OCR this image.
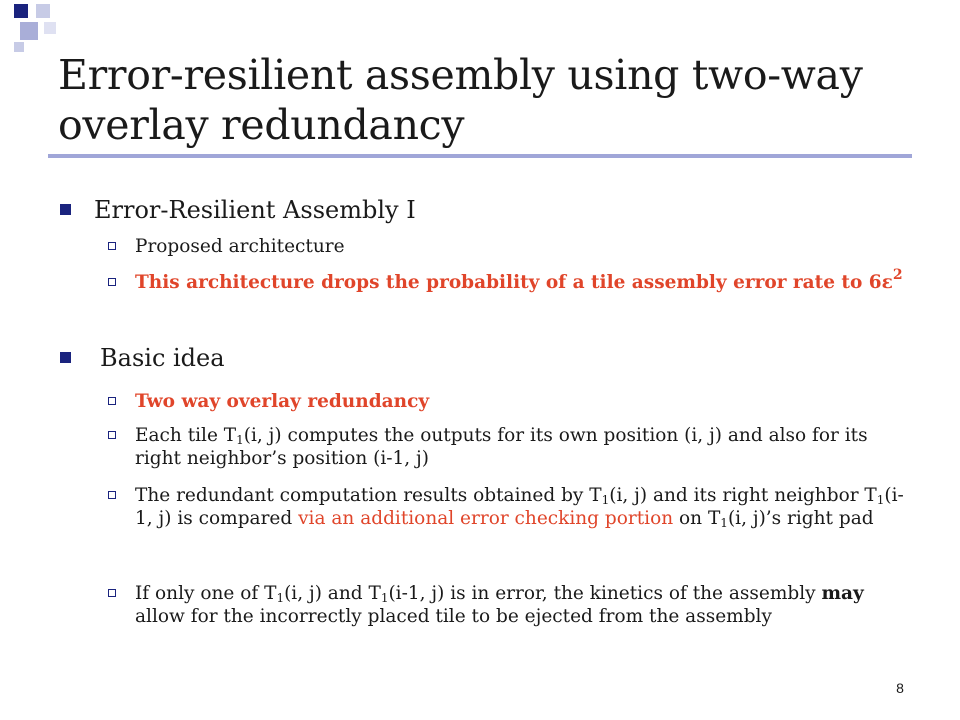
Error-resilient assembly using two-way overlay redundancy
Error-Resilient Assembly I
Proposed architecture
This architecture drops the probability of a tile assembly error rate to $6\varepsilon^2$
Basic idea
Two way overlay redundancy
Each tile $T_1(i$, j) computes the outputs for its own position (i, j) and also for its right neighbor’s position (i-1, j)
The redundant computation results obtained by $T_1(i$, j) and its right neighbor $T_1(i-1$, j) is compared via an additional error checking portion on $T_1(i$, j)’s right pad
If only one of $T_1(i$, j) and $T_1(i-1$, j) is in error, the kinetics of the assembly may allow for the incorrectly placed tile to be ejected from the assembly
8
